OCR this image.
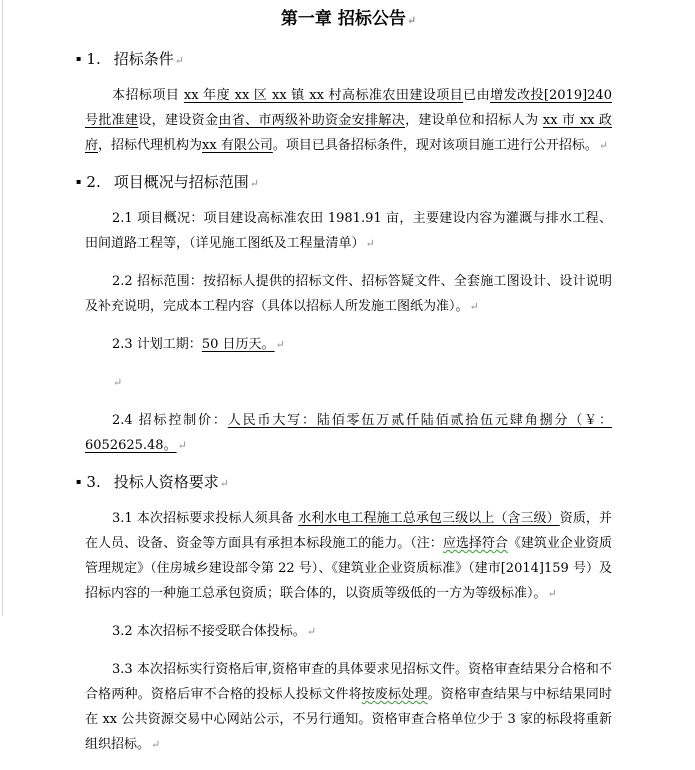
第一章 招标公告↵
▪ 1. 招标条件↵

本招标项目 xx 年度 xx 区 xx 镇 xx 村高标准农田建设项目已由增发改投[2019]240 号批准建设，建设资金由省、市两级补助资金安排解决，建设单位和招标人为 xx 市 xx 政府，招标代理机构为xx 有限公司。项目已具备招标条件，现对该项目施工进行公开招标。↵

▪ 2. 项目概况与招标范围↵

2.1 项目概况：项目建设高标准农田 1981.91 亩，主要建设内容为灌溉与排水工程、田间道路工程等，（详见施工图纸及工程量清单）↵

2.2 招标范围：按招标人提供的招标文件、招标答疑文件、全套施工图设计、设计说明及补充说明，完成本工程内容（具体以招标人所发施工图纸为准）。↵

2.3 计划工期：50 日历天。↵

↵

2.4 招标控制价：人民币大写：陆佰零伍万贰仟陆佰贰拾伍元肆角捌分（￥：6052625.48。↵

▪ 3. 投标人资格要求↵

3.1 本次招标要求投标人须具备 水利水电工程施工总承包三级以上（含三级）资质，并在人员、设备、资金等方面具有承担本标段施工的能力。（注：应选择符合《建筑业企业资质管理规定》（住房城乡建设部令第 22 号）、《建筑业企业资质标准》（建市[2014]159 号）及招标内容的一种施工总承包资质；联合体的，以资质等级低的一方为等级标准）。↵

3.2 本次招标不接受联合体投标。↵

3.3 本次招标实行资格后审,资格审查的具体要求见招标文件。资格审查结果分合格和不合格两种。资格后审不合格的投标人投标文件将按废标处理。资格审查结果与中标结果同时在 xx 公共资源交易中心网站公示，不另行通知。资格审查合格单位少于 3 家的标段将重新组织招标。↵
